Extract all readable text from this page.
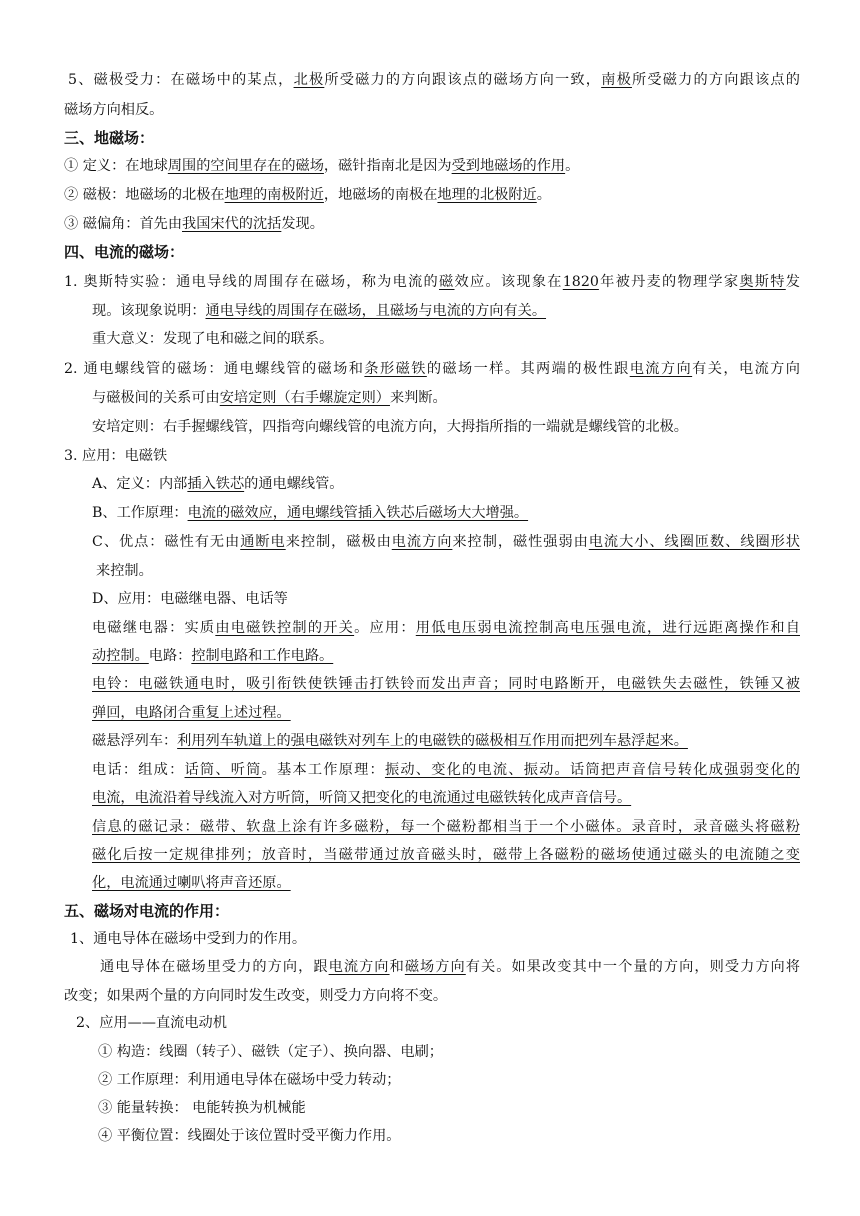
5、磁极受力：在磁场中的某点，北极所受磁力的方向跟该点的磁场方向一致，南极所受磁力的方向跟该点的
磁场方向相反。
三、地磁场：
① 定义：在地球周围的空间里存在的磁场，磁针指南北是因为受到地磁场的作用。
② 磁极：地磁场的北极在地理的南极附近，地磁场的南极在地理的北极附近。
③ 磁偏角：首先由我国宋代的沈括发现。
四、电流的磁场：
1. 奥斯特实验：通电导线的周围存在磁场，称为电流的磁效应。该现象在1820年被丹麦的物理学家奥斯特发
现。该现象说明：通电导线的周围存在磁场，且磁场与电流的方向有关。
重大意义：发现了电和磁之间的联系。
2. 通电螺线管的磁场：通电螺线管的磁场和条形磁铁的磁场一样。其两端的极性跟电流方向有关，电流方向
与磁极间的关系可由安培定则（右手螺旋定则）来判断。
安培定则：右手握螺线管，四指弯向螺线管的电流方向，大拇指所指的一端就是螺线管的北极。
3. 应用：电磁铁
A、定义：内部插入铁芯的通电螺线管。
B、工作原理：电流的磁效应，通电螺线管插入铁芯后磁场大大增强。
C、优点：磁性有无由通断电来控制，磁极由电流方向来控制，磁性强弱由电流大小、线圈匝数、线圈形状
来控制。
D、应用：电磁继电器、电话等
电磁继电器：实质由电磁铁控制的开关。应用：用低电压弱电流控制高电压强电流，进行远距离操作和自
动控制。电路：控制电路和工作电路。
电铃：电磁铁通电时，吸引衔铁使铁锤击打铁铃而发出声音；同时电路断开，电磁铁失去磁性，铁锤又被
弹回，电路闭合重复上述过程。
磁悬浮列车：利用列车轨道上的强电磁铁对列车上的电磁铁的磁极相互作用而把列车悬浮起来。
电话：组成：话筒、听筒。基本工作原理：振动、变化的电流、振动。话筒把声音信号转化成强弱变化的
电流，电流沿着导线流入对方听筒，听筒又把变化的电流通过电磁铁转化成声音信号。
信息的磁记录：磁带、软盘上涂有许多磁粉，每一个磁粉都相当于一个小磁体。录音时，录音磁头将磁粉
磁化后按一定规律排列；放音时，当磁带通过放音磁头时，磁带上各磁粉的磁场使通过磁头的电流随之变
化，电流通过喇叭将声音还原。
五、磁场对电流的作用：
1、通电导体在磁场中受到力的作用。
通电导体在磁场里受力的方向，跟电流方向和磁场方向有关。如果改变其中一个量的方向，则受力方向将
改变；如果两个量的方向同时发生改变，则受力方向将不变。
2、应用——直流电动机
① 构造：线圈（转子）、磁铁（定子）、换向器、电刷；
② 工作原理：利用通电导体在磁场中受力转动；
③ 能量转换： 电能转换为机械能
④ 平衡位置：线圈处于该位置时受平衡力作用。
